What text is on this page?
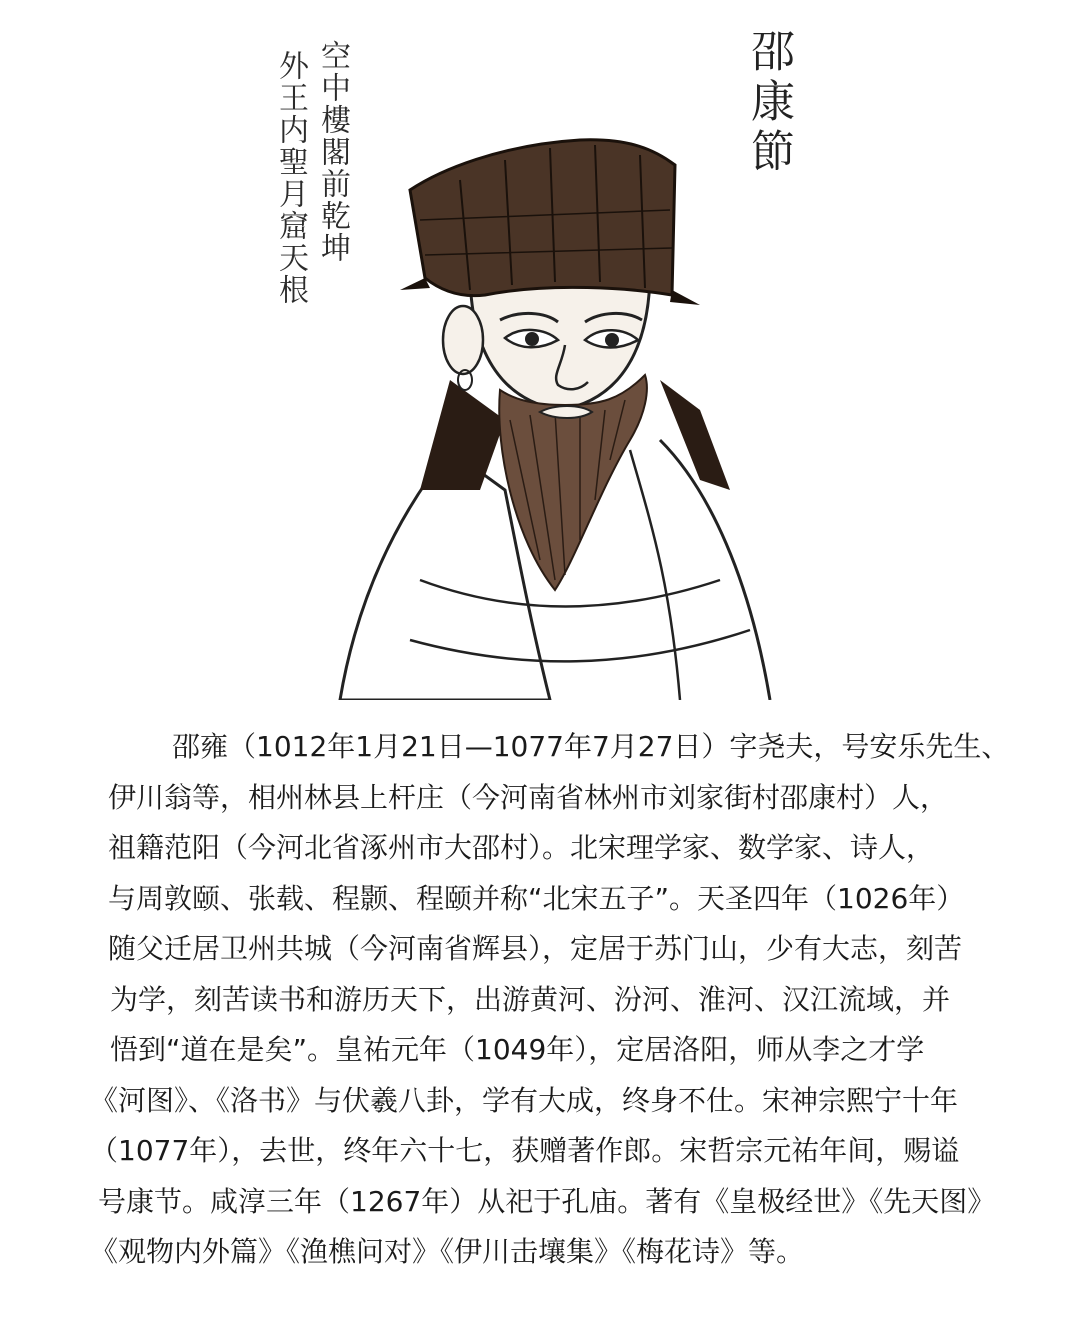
空中樓閣前乾坤
外王内聖月窟天根	邵康節
邵雍（1012年1月21日—1077年7月27日）字尧夫，号安乐先生、
伊川翁等，相州林县上杆庄（今河南省林州市刘家街村邵康村）人，
祖籍范阳（今河北省涿州市大邵村）。北宋理学家、数学家、诗人，
与周敦颐、张载、程颢、程颐并称“北宋五子”。天圣四年（1026年）
随父迁居卫州共城（今河南省辉县），定居于苏门山，少有大志，刻苦
为学，刻苦读书和游历天下，出游黄河、汾河、淮河、汉江流域，并
悟到“道在是矣”。皇祐元年（1049年），定居洛阳，师从李之才学
《河图》、《洛书》与伏羲八卦，学有大成，终身不仕。宋神宗熙宁十年
（1077年），去世，终年六十七，获赠著作郎。宋哲宗元祐年间，赐谥
号康节。咸淳三年（1267年）从祀于孔庙。著有《皇极经世》《先天图》
《观物内外篇》《渔樵问对》《伊川击壤集》《梅花诗》等。
